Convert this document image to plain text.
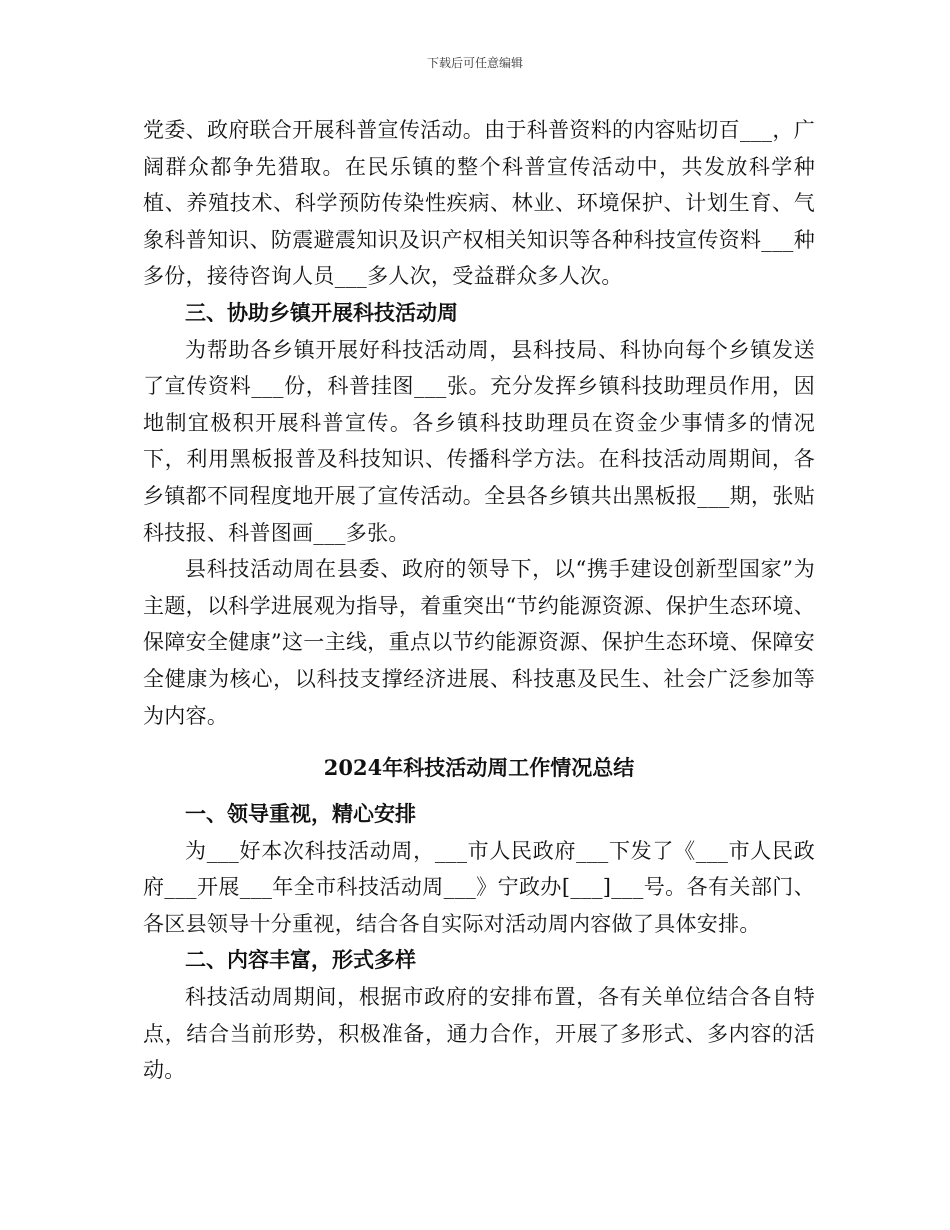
下载后可任意编辑

党委、政府联合开展科普宣传活动。由于科普资料的内容贴切百___，广阔群众都争先猎取。在民乐镇的整个科普宣传活动中，共发放科学种植、养殖技术、科学预防传染性疾病、林业、环境保护、计划生育、气象科普知识、防震避震知识及识产权相关知识等各种科技宣传资料___种多份，接待咨询人员___多人次，受益群众多人次。

三、协助乡镇开展科技活动周

为帮助各乡镇开展好科技活动周，县科技局、科协向每个乡镇发送了宣传资料___份，科普挂图___张。充分发挥乡镇科技助理员作用，因地制宜极积开展科普宣传。各乡镇科技助理员在资金少事情多的情况下，利用黑板报普及科技知识、传播科学方法。在科技活动周期间，各乡镇都不同程度地开展了宣传活动。全县各乡镇共出黑板报___期，张贴科技报、科普图画___多张。

县科技活动周在县委、政府的领导下，以“携手建设创新型国家”为主题，以科学进展观为指导，着重突出“节约能源资源、保护生态环境、保障安全健康”这一主线，重点以节约能源资源、保护生态环境、保障安全健康为核心，以科技支撑经济进展、科技惠及民生、社会广泛参加等为内容。

2024年科技活动周工作情况总结

一、领导重视，精心安排

为___好本次科技活动周，___市人民政府___下发了《___市人民政府___开展___年全市科技活动周___》宁政办[___]___号。各有关部门、各区县领导十分重视，结合各自实际对活动周内容做了具体安排。

二、内容丰富，形式多样

科技活动周期间，根据市政府的安排布置，各有关单位结合各自特点，结合当前形势，积极准备，通力合作，开展了多形式、多内容的活动。
